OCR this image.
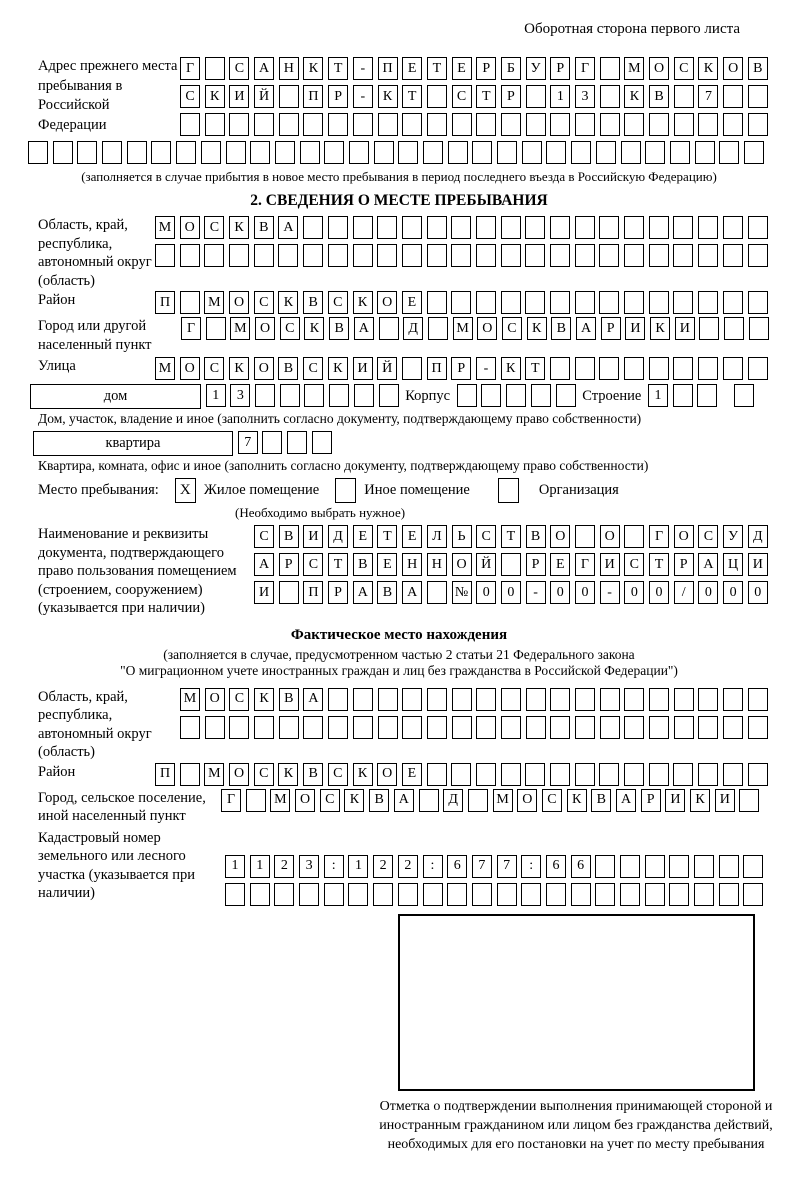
Оборотная сторона первого листа
Адрес прежнего места пребывания в Российской Федерации
Г	С	А	Н	К	Т	-	П	Е	Т	Е	Р	Б	У	Р	Г	М О	С	К	О	В
С	К	И	Й	П	Р	-	К	Т	С	Т	Р	1	3	К	В	7
(заполняется в случае прибытия в новое место пребывания в период последнего въезда в Российскую Федерацию)
2. СВЕДЕНИЯ О МЕСТЕ ПРЕБЫВАНИЯ
Область, край, республика, автономный округ (область)
М О	С	К	В	А
Район	П	М О	С	К	В	С	К	О	Е
Город или другой населенный пункт
Г	М О	С	К	В	А	Д	М О	С	К	В	А	Р	И	К	И
Улица	М О	С	К	О	В	С	К	И	Й	П	Р	-	К	Т
дом	1	3	Корпус	Строение 1
Дом, участок, владение и иное (заполнить согласно документу, подтверждающему право собственности)
квартира	7
Квартира, комната, офис и иное (заполнить согласно документу, подтверждающему право собственности)
Место пребывания:	X Жилое помещение	Иное помещение	Организация
(Необходимо выбрать нужное)
Наименование и реквизиты документа, подтверждающего право пользования помещением (строением, сооружением) (указывается при наличии)
С	В	И	Д	Е	Т	Е	Л	Ь	С	Т	В	О	О	Г	О	С	У	Д
А	Р	С	Т	В	Е	Н	Н	О	Й	Р	Е	Г	И	С	Т	Р	А	Ц	И
И	П	Р	А	В	А	№	0	0	-	0	0	-	0	0	/	0	0	0
Фактическое место нахождения
(заполняется в случае, предусмотренном частью 2 статьи 21 Федерального закона
"О миграционном учете иностранных граждан и лиц без гражданства в Российской Федерации")
Область, край, республика, автономный округ (область)
М О	С	К	В	А
Район	П	М О	С	К	В	С	К	О	Е
Город, сельское поселение, иной населенный пункт
Г	М О	С	К	В	А	Д	М О	С	К	В	А	Р	И	К	И
Кадастровый номер земельного или лесного участка (указывается при наличии)
1	1	2	3	:	1	2	2	:	6	7	7	:	6	6

Отметка о подтверждении выполнения принимающей стороной и иностранным гражданином или лицом без гражданства действий, необходимых для его постановки на учет по месту пребывания
